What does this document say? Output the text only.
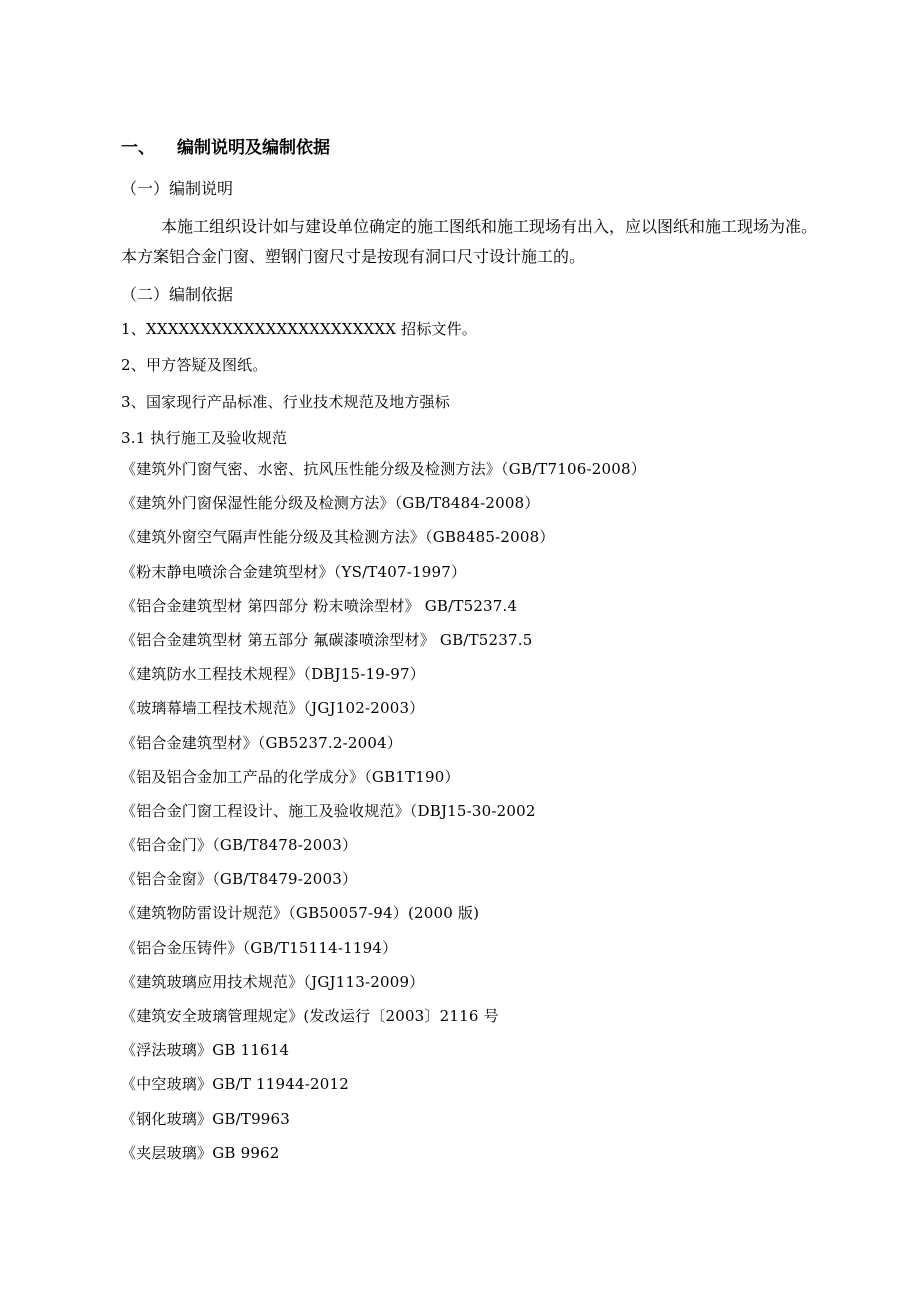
一、 编制说明及编制依据
（一）编制说明
本施工组织设计如与建设单位确定的施工图纸和施工现场有出入，应以图纸和施工现场为准。本方案铝合金门窗、塑钢门窗尺寸是按现有洞口尺寸设计施工的。
（二）编制依据
1、XXXXXXXXXXXXXXXXXXXXXXX 招标文件。
2、甲方答疑及图纸。
3、国家现行产品标准、行业技术规范及地方强标
3.1 执行施工及验收规范
《建筑外门窗气密、水密、抗风压性能分级及检测方法》（GB/T7106-2008）
《建筑外门窗保湿性能分级及检测方法》（GB/T8484-2008）
《建筑外窗空气隔声性能分级及其检测方法》（GB8485-2008）
《粉末静电喷涂合金建筑型材》（YS/T407-1997）
《铝合金建筑型材 第四部分 粉末喷涂型材》 GB/T5237.4
《铝合金建筑型材 第五部分 氟碳漆喷涂型材》 GB/T5237.5
《建筑防水工程技术规程》（DBJ15-19-97）
《玻璃幕墙工程技术规范》（JGJ102-2003）
《铝合金建筑型材》（GB5237.2-2004）
《铝及铝合金加工产品的化学成分》（GB1T190）
《铝合金门窗工程设计、施工及验收规范》（DBJ15-30-2002
《铝合金门》（GB/T8478-2003）
《铝合金窗》（GB/T8479-2003）
《建筑物防雷设计规范》（GB50057-94）(2000 版)
《铝合金压铸件》（GB/T15114-1194）
《建筑玻璃应用技术规范》（JGJ113-2009）
《建筑安全玻璃管理规定》(发改运行〔2003〕2116 号
《浮法玻璃》GB 11614
《中空玻璃》GB/T 11944-2012
《钢化玻璃》GB/T9963
《夹层玻璃》GB 9962
